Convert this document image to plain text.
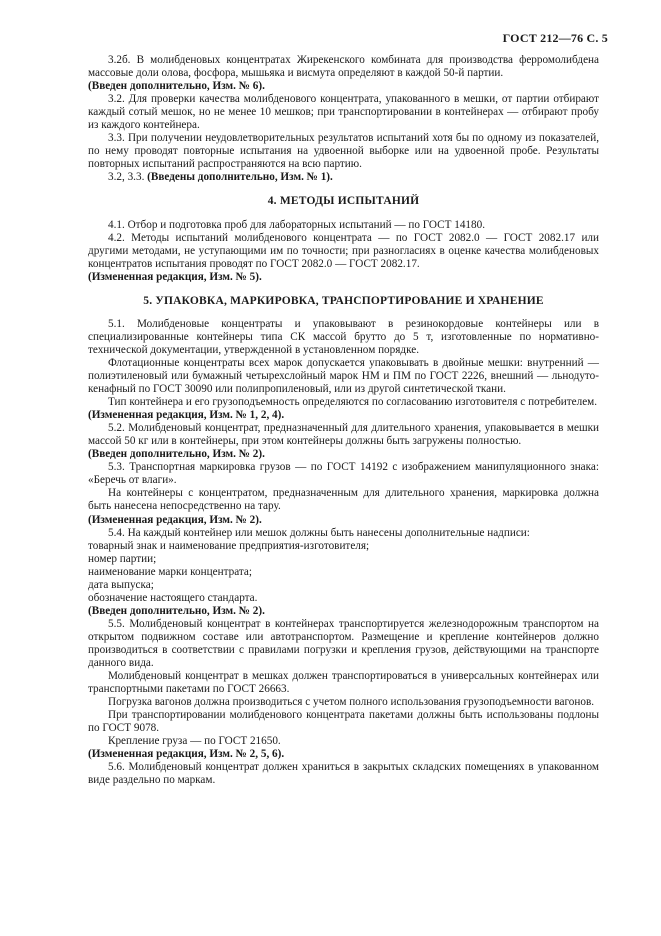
ГОСТ 212—76 С. 5

3.2б. В молибденовых концентратах Жирекенского комбината для производства ферромолибдена массовые доли олова, фосфора, мышьяка и висмута определяют в каждой 50-й партии.

(Введен дополнительно, Изм. № 6).

3.2. Для проверки качества молибденового концентрата, упакованного в мешки, от партии отбирают каждый сотый мешок, но не менее 10 мешков; при транспортировании в контейнерах — отбирают пробу из каждого контейнера.

3.3. При получении неудовлетворительных результатов испытаний хотя бы по одному из показателей, по нему проводят повторные испытания на удвоенной выборке или на удвоенной пробе. Результаты повторных испытаний распространяются на всю партию.

3.2, 3.3. (Введены дополнительно, Изм. № 1).

4. МЕТОДЫ ИСПЫТАНИЙ

4.1. Отбор и подготовка проб для лабораторных испытаний — по ГОСТ 14180.

4.2. Методы испытаний молибденового концентрата — по ГОСТ 2082.0 — ГОСТ 2082.17 или другими методами, не уступающими им по точности; при разногласиях в оценке качества молибденовых концентратов испытания проводят по ГОСТ 2082.0 — ГОСТ 2082.17.

(Измененная редакция, Изм. № 5).

5. УПАКОВКА, МАРКИРОВКА, ТРАНСПОРТИРОВАНИЕ И ХРАНЕНИЕ

5.1. Молибденовые концентраты и упаковывают в резинокордовые контейнеры или в специализированные контейнеры типа СК массой брутто до 5 т, изготовленные по нормативно-технической документации, утвержденной в установленном порядке.

Флотационные концентраты всех марок допускается упаковывать в двойные мешки: внутренний — полиэтиленовый или бумажный четырехслойный марок НМ и ПМ по ГОСТ 2226, внешний — льнодуто-кенафный по ГОСТ 30090 или полипропиленовый, или из другой синтетической ткани.

Тип контейнера и его грузоподъемность определяются по согласованию изготовителя с потребителем.

(Измененная редакция, Изм. № 1, 2, 4).

5.2. Молибденовый концентрат, предназначенный для длительного хранения, упаковывается в мешки массой 50 кг или в контейнеры, при этом контейнеры должны быть загружены полностью.

(Введен дополнительно, Изм. № 2).

5.3. Транспортная маркировка грузов — по ГОСТ 14192 с изображением манипуляционного знака: «Беречь от влаги».

На контейнеры с концентратом, предназначенным для длительного хранения, маркировка должна быть нанесена непосредственно на тару.

(Измененная редакция, Изм. № 2).

5.4. На каждый контейнер или мешок должны быть нанесены дополнительные надписи:

товарный знак и наименование предприятия-изготовителя;

номер партии;

наименование марки концентрата;

дата выпуска;

обозначение настоящего стандарта.

(Введен дополнительно, Изм. № 2).

5.5. Молибденовый концентрат в контейнерах транспортируется железнодорожным транспортом на открытом подвижном составе или автотранспортом. Размещение и крепление контейнеров должно производиться в соответствии с правилами погрузки и крепления грузов, действующими на транспорте данного вида.

Молибденовый концентрат в мешках должен транспортироваться в универсальных контейнерах или транспортными пакетами по ГОСТ 26663.

Погрузка вагонов должна производиться с учетом полного использования грузоподъемности вагонов.

При транспортировании молибденового концентрата пакетами должны быть использованы подлоны по ГОСТ 9078.

Крепление груза — по ГОСТ 21650.

(Измененная редакция, Изм. № 2, 5, 6).

5.6. Молибденовый концентрат должен храниться в закрытых складских помещениях в упакованном виде раздельно по маркам.
